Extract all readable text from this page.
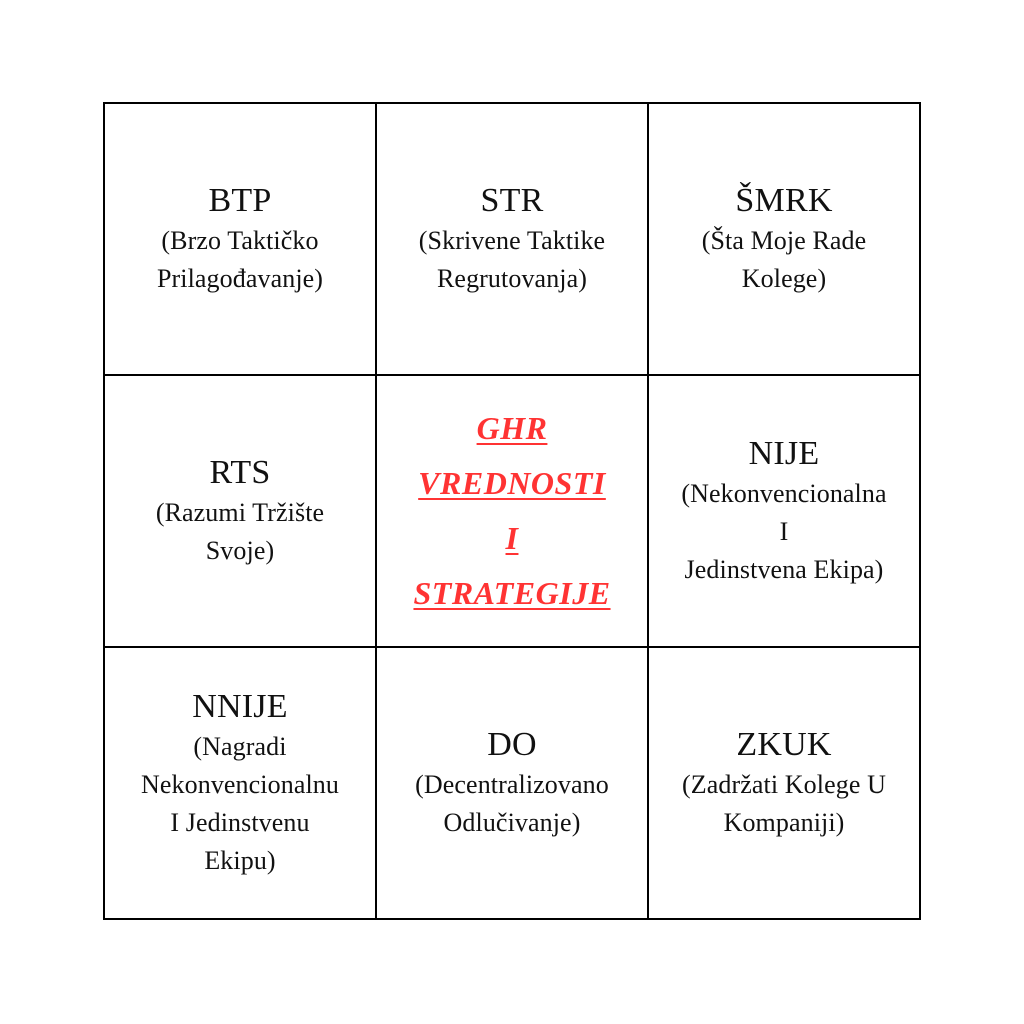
BTP
(Brzo Taktičko
Prilagođavanje)
STR
(Skrivene Taktike
Regrutovanja)
ŠMRK
(Šta Moje Rade
Kolege)
RTS
(Razumi Tržište
Svoje)
GHR
VREDNOSTI
I
STRATEGIJE
NIJE
(Nekonvencionalna
I
Jedinstvena Ekipa)
NNIJE
(Nagradi
Nekonvencionalnu
I Jedinstvenu
Ekipu)
DO
(Decentralizovano
Odlučivanje)
ZKUK
(Zadržati Kolege U
Kompaniji)
